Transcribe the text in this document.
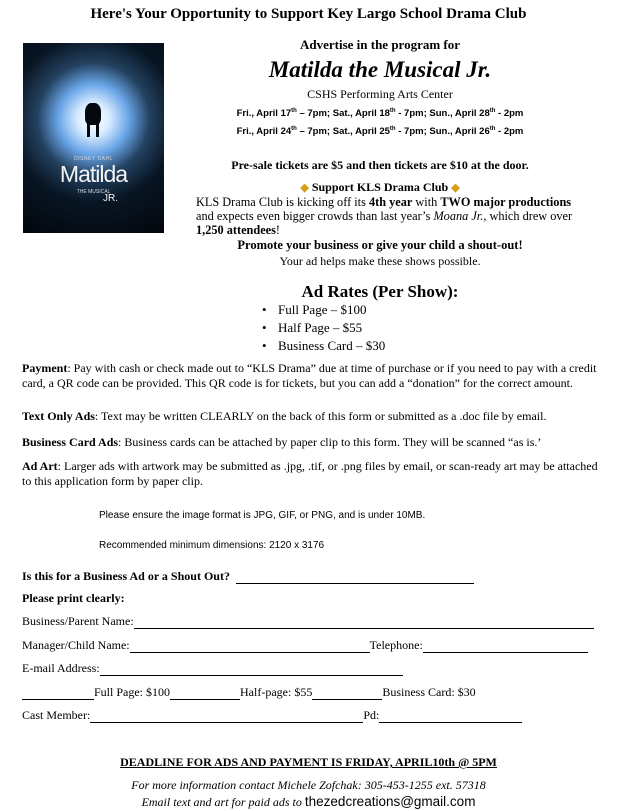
Here's Your Opportunity to Support Key Largo School Drama Club
DISNEY DAHL
Matilda
THE MUSICAL
JR.
Advertise in the program for
Matilda the Musical Jr.
CSHS Performing Arts Center
Fri., April 17th – 7pm; Sat., April 18th - 7pm; Sun., April 28th - 2pm
Fri., April 24th – 7pm; Sat., April 25th - 7pm; Sun., April 26th - 2pm
Pre-sale tickets are $5 and then tickets are $10 at the door.
◆ Support KLS Drama Club ◆
KLS Drama Club is kicking off its 4th year with TWO major productions and expects even bigger crowds than last year’s Moana Jr., which drew over 1,250 attendees!
Promote your business or give your child a shout-out!
Your ad helps make these shows possible.
Ad Rates (Per Show):
• Full Page – $100
• Half Page – $55
• Business Card – $30
Payment: Pay with cash or check made out to “KLS Drama” due at time of purchase or if you need to pay with a credit card, a QR code can be provided. This QR code is for tickets, but you can add a “donation” for the correct amount.
Text Only Ads: Text may be written CLEARLY on the back of this form or submitted as a .doc file by email.
Business Card Ads: Business cards can be attached by paper clip to this form. They will be scanned “as is.’
Ad Art: Larger ads with artwork may be submitted as .jpg, .tif, or .png files by email, or scan-ready art may be attached to this application form by paper clip.
Please ensure the image format is JPG, GIF, or PNG, and is under 10MB.
Recommended minimum dimensions: 2120 x 3176
Is this for a Business Ad or a Shout Out?
Please print clearly:
Business/Parent Name:
Manager/Child Name:	Telephone:
E-mail Address:
Full Page: $100	Half-page: $55	Business Card: $30
Cast Member:	Pd:
DEADLINE FOR ADS AND PAYMENT IS FRIDAY, APRIL10th @ 5PM
For more information contact Michele Zofchak: 305-453-1255 ext. 57318
Email text and art for paid ads to thezedcreations@gmail.com
